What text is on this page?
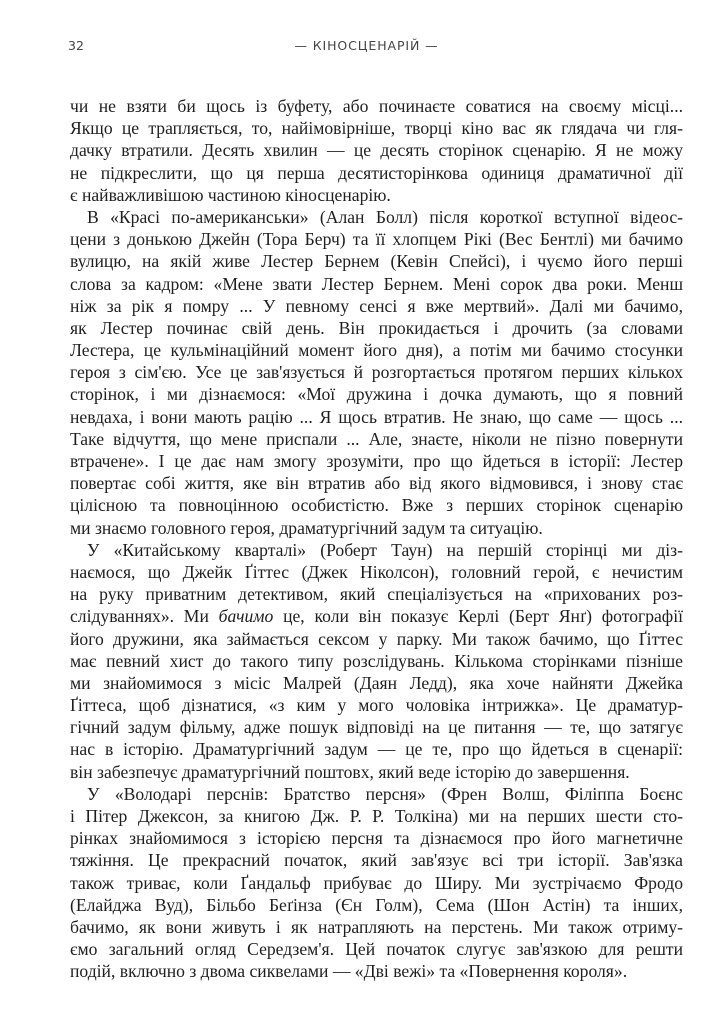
32	— КІНОСЦЕНАРІЙ —
чи не взяти би щось із буфету, або починаєте соватися на своєму місці...
Якщо це трапляється, то, найімовірніше, творці кіно вас як глядача чи гля-
дачку втратили. Десять хвилин — це десять сторінок сценарію. Я не можу
не підкреслити, що ця перша десятисторінкова одиниця драматичної дії
є найважливішою частиною кіносценарію.
В «Красі по-американськи» (Алан Болл) після короткої вступної відеос-
цени з донькою Джейн (Тора Берч) та її хлопцем Рікі (Вес Бентлі) ми бачимо
вулицю, на якій живе Лестер Бернем (Кевін Спейсі), і чуємо його перші
слова за кадром: «Мене звати Лестер Бернем. Мені сорок два роки. Менш
ніж за рік я помру ... У певному сенсі я вже мертвий». Далі ми бачимо,
як Лестер починає свій день. Він прокидається і дрочить (за словами
Лестера, це кульмінаційний момент його дня), а потім ми бачимо стосунки
героя з сім'єю. Усе це зав'язується й розгортається протягом перших кількох
сторінок, і ми дізнаємося: «Мої дружина і дочка думають, що я повний
невдаха, і вони мають рацію ... Я щось втратив. Не знаю, що саме — щось ...
Таке відчуття, що мене приспали ... Але, знаєте, ніколи не пізно повернути
втрачене». І це дає нам змогу зрозуміти, про що йдеться в історії: Лестер
повертає собі життя, яке він втратив або від якого відмовився, і знову стає
цілісною та повноцінною особистістю. Вже з перших сторінок сценарію
ми знаємо головного героя, драматургічний задум та ситуацію.
У «Китайському кварталі» (Роберт Таун) на першій сторінці ми діз-
наємося, що Джейк Ґіттес (Джек Ніколсон), головний герой, є нечистим
на руку приватним детективом, який спеціалізується на «прихованих роз-
слідуваннях». Ми бачимо це, коли він показує Керлі (Берт Янґ) фотографії
його дружини, яка займається сексом у парку. Ми також бачимо, що Ґіттес
має певний хист до такого типу розслідувань. Кількома сторінками пізніше
ми знайомимося з місіс Малрей (Даян Ледд), яка хоче найняти Джейка
Ґіттеса, щоб дізнатися, «з ким у мого чоловіка інтрижка». Це драматур-
гічний задум фільму, адже пошук відповіді на це питання — те, що затягує
нас в історію. Драматургічний задум — це те, про що йдеться в сценарії:
він забезпечує драматургічний поштовх, який веде історію до завершення.
У «Володарі перснів: Братство персня» (Френ Волш, Філіппа Боєнс
і Пітер Джексон, за книгою Дж. Р. Р. Толкіна) ми на перших шести сто-
рінках знайомимося з історією персня та дізнаємося про його магнетичне
тяжіння. Це прекрасний початок, який зав'язує всі три історії. Зав'язка
також триває, коли Ґандальф прибуває до Ширу. Ми зустрічаємо Фродо
(Елайджа Вуд), Більбо Беґінза (Єн Голм), Сема (Шон Астін) та інших,
бачимо, як вони живуть і як натрапляють на перстень. Ми також отриму-
ємо загальний огляд Середзем'я. Цей початок слугує зав'язкою для решти
подій, включно з двома сиквелами — «Дві вежі» та «Повернення короля».
